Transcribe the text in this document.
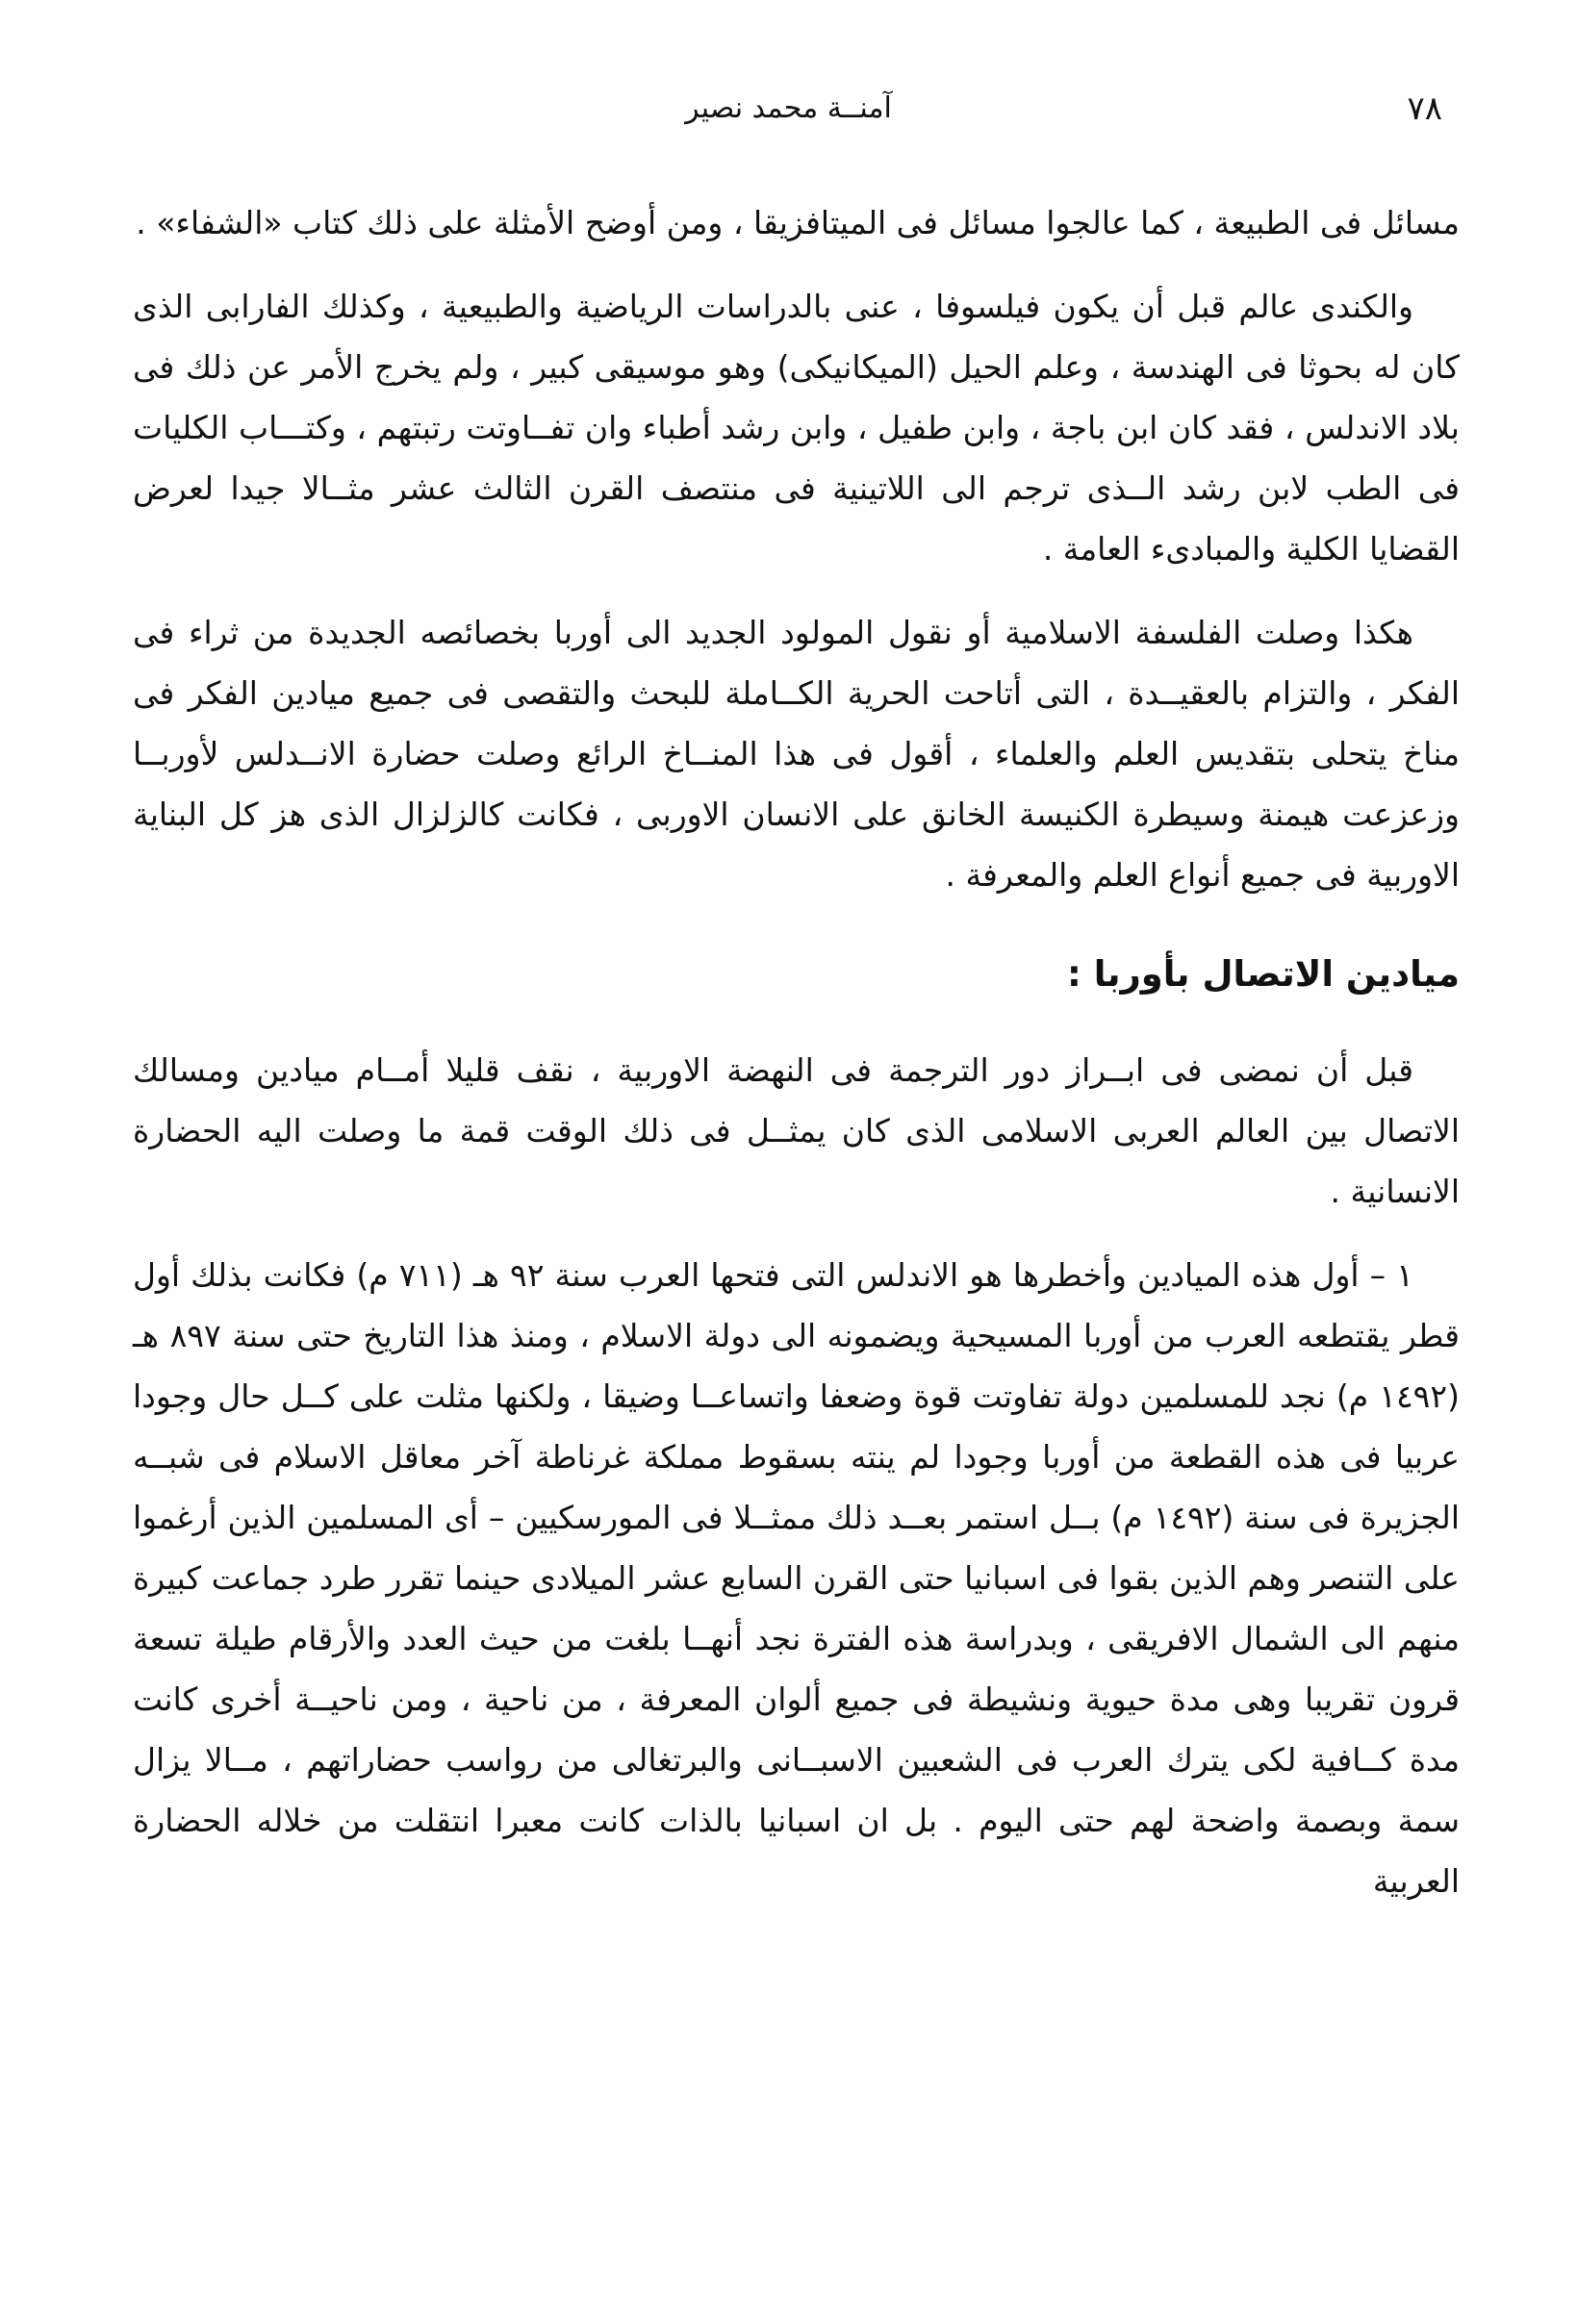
٧٨
آمنــة محمد نصير

مسائل فى الطبيعة ، كما عالجوا مسائل فى الميتافزيقا ، ومن أوضح الأمثلة على ذلك كتاب «الشفاء» .

والكندى عالم قبل أن يكون فيلسوفا ، عنى بالدراسات الرياضية والطبيعية ، وكذلك الفارابى الذى كان له بحوثا فى الهندسة ، وعلم الحيل (الميكانيكى) وهو موسيقى كبير ، ولم يخرج الأمر عن ذلك فى بلاد الاندلس ، فقد كان ابن باجة ، وابن طفيل ، وابن رشد أطباء وان تفــاوتت رتبتهم ، وكتـــاب الكليات فى الطب لابن رشد الــذى ترجم الى اللاتينية فى منتصف القرن الثالث عشر مثــالا جيدا لعرض القضايا الكلية والمبادىء العامة .

هكذا وصلت الفلسفة الاسلامية أو نقول المولود الجديد الى أوربا بخصائصه الجديدة من ثراء فى الفكر ، والتزام بالعقيــدة ، التى أتاحت الحرية الكــاملة للبحث والتقصى فى جميع ميادين الفكر فى مناخ يتحلى بتقديس العلم والعلماء ، أقول فى هذا المنــاخ الرائع وصلت حضارة الانــدلس لأوربــا وزعزعت هيمنة وسيطرة الكنيسة الخانق على الانسان الاوربى ، فكانت كالزلزال الذى هز كل البناية الاوربية فى جميع أنواع العلم والمعرفة .

ميادين الاتصال بأوربا :

قبل أن نمضى فى ابــراز دور الترجمة فى النهضة الاوربية ، نقف قليلا أمــام ميادين ومسالك الاتصال بين العالم العربى الاسلامى الذى كان يمثــل فى ذلك الوقت قمة ما وصلت اليه الحضارة الانسانية .

١ – أول هذه الميادين وأخطرها هو الاندلس التى فتحها العرب سنة ٩٢ هـ (٧١١ م) فكانت بذلك أول قطر يقتطعه العرب من أوربا المسيحية ويضمونه الى دولة الاسلام ، ومنذ هذا التاريخ حتى سنة ٨٩٧ هـ (١٤٩٢ م) نجد للمسلمين دولة تفاوتت قوة وضعفا واتساعــا وضيقا ، ولكنها مثلت على كــل حال وجودا عربيا فى هذه القطعة من أوربا وجودا لم ينته بسقوط مملكة غرناطة آخر معاقل الاسلام فى شبــه الجزيرة فى سنة (١٤٩٢ م) بــل استمر بعــد ذلك ممثــلا فى المورسكيين – أى المسلمين الذين أرغموا على التنصر وهم الذين بقوا فى اسبانيا حتى القرن السابع عشر الميلادى حينما تقرر طرد جماعت كبيرة منهم الى الشمال الافريقى ، وبدراسة هذه الفترة نجد أنهــا بلغت من حيث العدد والأرقام طيلة تسعة قرون تقريبا وهى مدة حيوية ونشيطة فى جميع ألوان المعرفة ، من ناحية ، ومن ناحيــة أخرى كانت مدة كــافية لكى يترك العرب فى الشعبين الاسبــانى والبرتغالى من رواسب حضاراتهم ، مــالا يزال سمة وبصمة واضحة لهم حتى اليوم . بل ان اسبانيا بالذات كانت معبرا انتقلت من خلاله الحضارة العربية
